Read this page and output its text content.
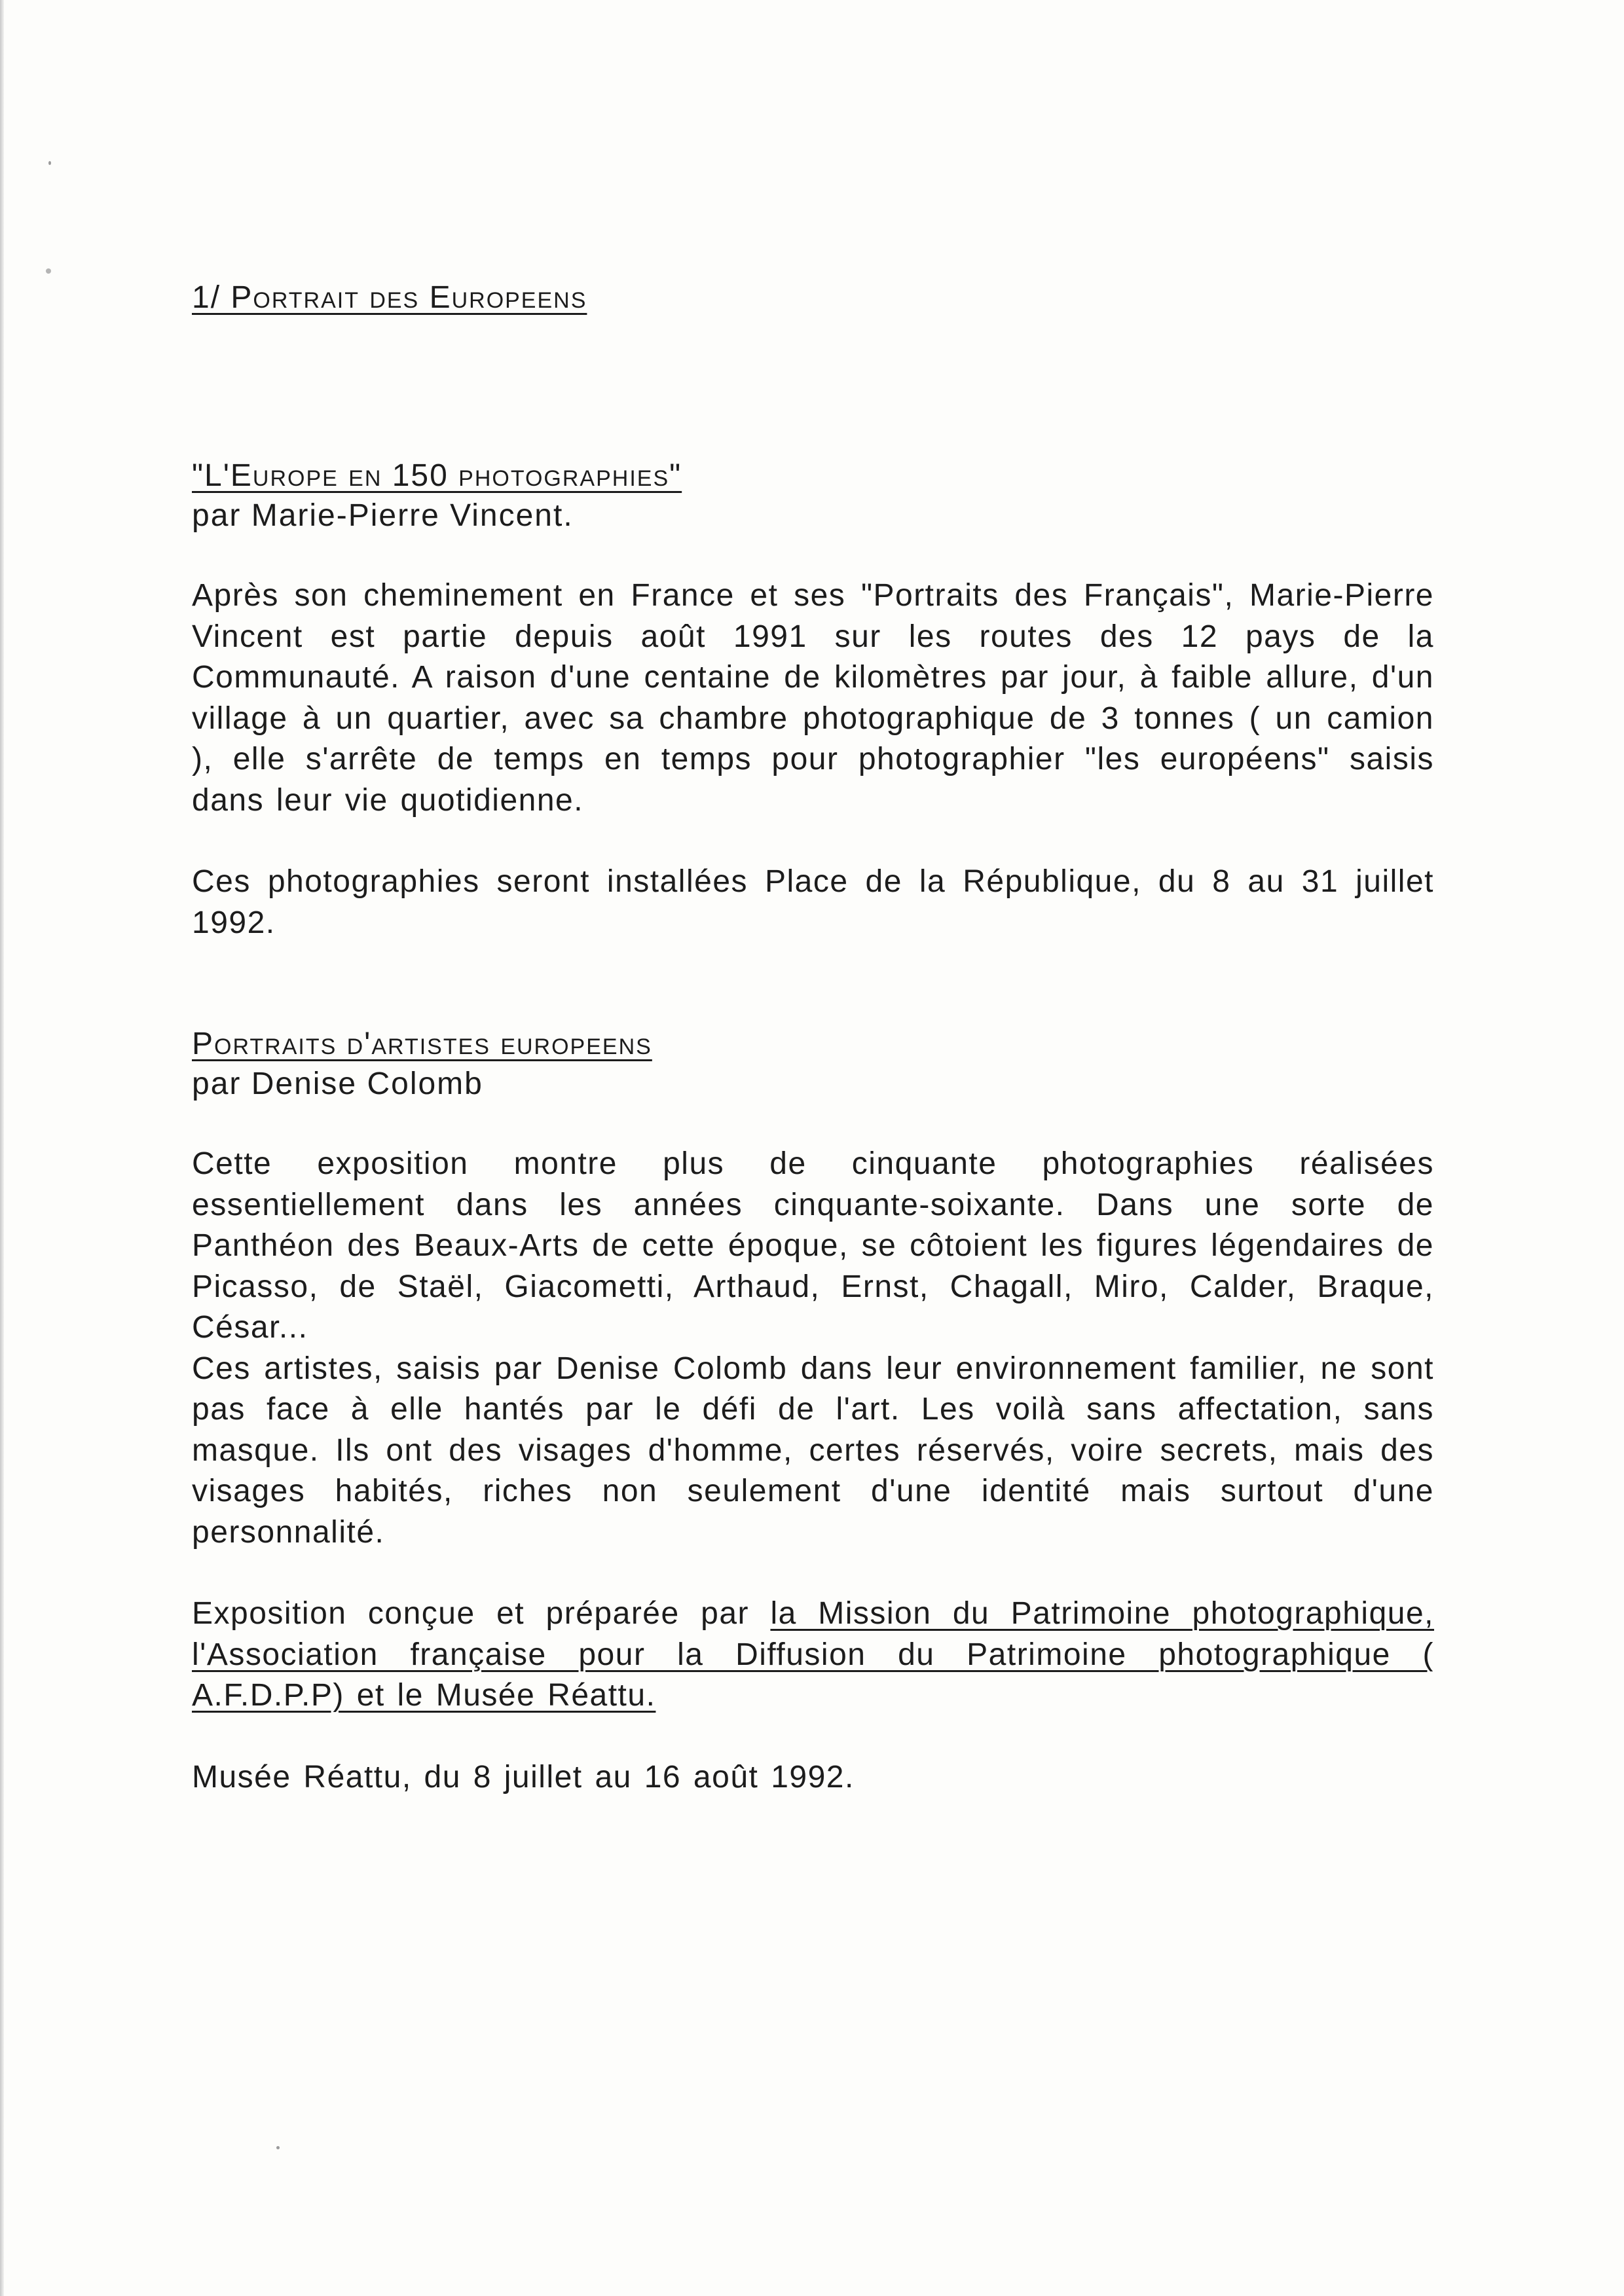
1/ Portrait des Europeens
"L'Europe en 150 photographies"

par Marie-Pierre Vincent.

Après son cheminement en France et ses "Portraits des Français", Marie-Pierre Vincent est partie depuis août 1991 sur les routes des 12 pays de la Communauté. A raison d'une centaine de kilomètres par jour, à faible allure, d'un village à un quartier, avec sa chambre photographique de 3 tonnes ( un camion ), elle s'arrête de temps en temps pour photographier "les européens" saisis dans leur vie quotidienne.

Ces photographies seront installées Place de la République, du 8 au 31 juillet 1992.

Portraits d'artistes europeens

par Denise Colomb

Cette exposition montre plus de cinquante photographies réalisées essentiellement dans les années cinquante-soixante. Dans une sorte de Panthéon des Beaux-Arts de cette époque, se côtoient les figures légendaires de Picasso, de Staël, Giacometti, Arthaud, Ernst, Chagall, Miro, Calder, Braque, César...

Ces artistes, saisis par Denise Colomb dans leur environnement familier, ne sont pas face à elle hantés par le défi de l'art. Les voilà sans affectation, sans masque. Ils ont des visages d'homme, certes réservés, voire secrets, mais des visages habités, riches non seulement d'une identité mais surtout d'une personnalité.

Exposition conçue et préparée par la Mission du Patrimoine photographique, l'Association française pour la Diffusion du Patrimoine photographique ( A.F.D.P.P) et le Musée Réattu.

Musée Réattu, du 8 juillet au 16 août 1992.
